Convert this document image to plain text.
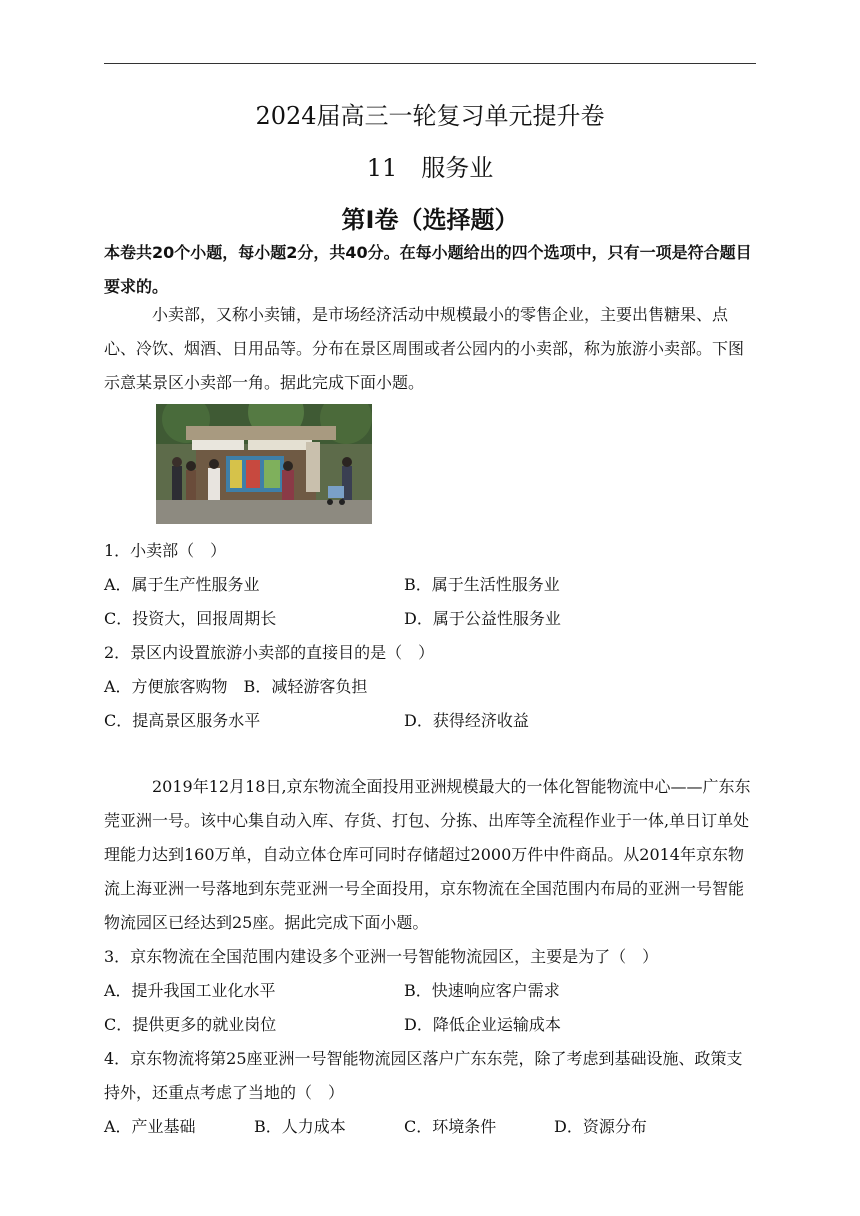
2024届高三一轮复习单元提升卷
11　服务业
第Ⅰ卷（选择题）
本卷共20个小题，每小题2分，共40分。在每小题给出的四个选项中，只有一项是符合题目要求的。
小卖部，又称小卖铺，是市场经济活动中规模最小的零售企业，主要出售糖果、点心、冷饮、烟酒、日用品等。分布在景区周围或者公园内的小卖部，称为旅游小卖部。下图示意某景区小卖部一角。据此完成下面小题。
1．小卖部（　）
A．属于生产性服务业	B．属于生活性服务业
C．投资大，回报周期长	D．属于公益性服务业
2．景区内设置旅游小卖部的直接目的是（　）
A．方便旅客购物　B．减轻游客负担
C．提高景区服务水平	D．获得经济收益
2019年12月18日,京东物流全面投用亚洲规模最大的一体化智能物流中心——广东东莞亚洲一号。该中心集自动入库、存货、打包、分拣、出库等全流程作业于一体,单日订单处理能力达到160万单，自动立体仓库可同时存储超过2000万件中件商品。从2014年京东物流上海亚洲一号落地到东莞亚洲一号全面投用，京东物流在全国范围内布局的亚洲一号智能物流园区已经达到25座。据此完成下面小题。
3．京东物流在全国范围内建设多个亚洲一号智能物流园区，主要是为了（　）
A．提升我国工业化水平	B．快速响应客户需求
C．提供更多的就业岗位	D．降低企业运输成本
4．京东物流将第25座亚洲一号智能物流园区落户广东东莞，除了考虑到基础设施、政策支持外，还重点考虑了当地的（　）
A．产业基础	B．人力成本	C．环境条件	D．资源分布
